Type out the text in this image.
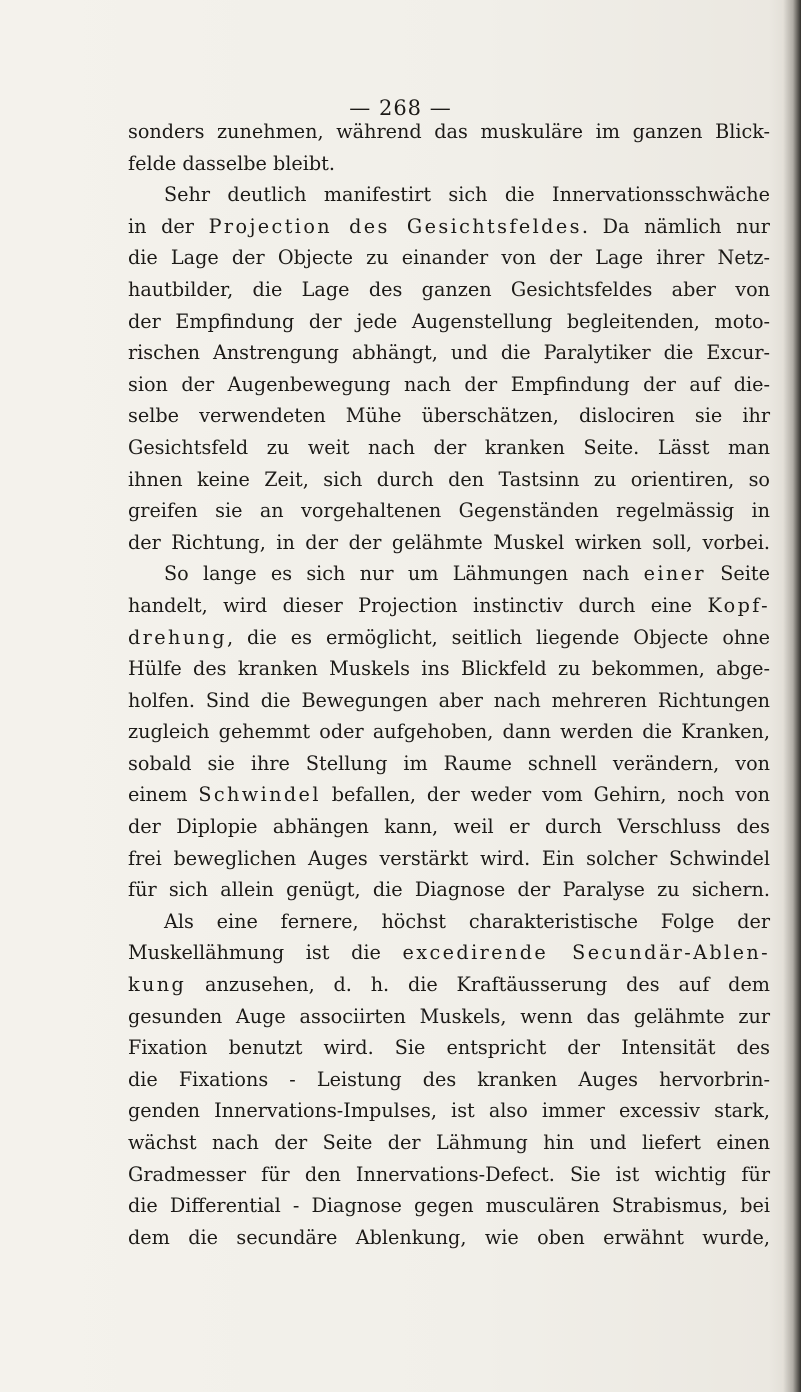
— 268 —
sonders zunehmen, während das muskuläre im ganzen Blick-
felde dasselbe bleibt.
Sehr deutlich manifestirt sich die Innervationsschwäche
in der Projection des Gesichtsfeldes. Da nämlich nur
die Lage der Objecte zu einander von der Lage ihrer Netz-
hautbilder, die Lage des ganzen Gesichtsfeldes aber von
der Empfindung der jede Augenstellung begleitenden, moto-
rischen Anstrengung abhängt, und die Paralytiker die Excur-
sion der Augenbewegung nach der Empfindung der auf die-
selbe verwendeten Mühe überschätzen, dislociren sie ihr
Gesichtsfeld zu weit nach der kranken Seite. Lässt man
ihnen keine Zeit, sich durch den Tastsinn zu orientiren, so
greifen sie an vorgehaltenen Gegenständen regelmässig in
der Richtung, in der der gelähmte Muskel wirken soll, vorbei.
So lange es sich nur um Lähmungen nach einer Seite
handelt, wird dieser Projection instinctiv durch eine Kopf-
drehung, die es ermöglicht, seitlich liegende Objecte ohne
Hülfe des kranken Muskels ins Blickfeld zu bekommen, abge-
holfen. Sind die Bewegungen aber nach mehreren Richtungen
zugleich gehemmt oder aufgehoben, dann werden die Kranken,
sobald sie ihre Stellung im Raume schnell verändern, von
einem Schwindel befallen, der weder vom Gehirn, noch von
der Diplopie abhängen kann, weil er durch Verschluss des
frei beweglichen Auges verstärkt wird. Ein solcher Schwindel
für sich allein genügt, die Diagnose der Paralyse zu sichern.
Als eine fernere, höchst charakteristische Folge der
Muskellähmung ist die excedirende Secundär-Ablen-
kung anzusehen, d. h. die Kraftäusserung des auf dem
gesunden Auge associirten Muskels, wenn das gelähmte zur
Fixation benutzt wird. Sie entspricht der Intensität des
die Fixations - Leistung des kranken Auges hervorbrin-
genden Innervations-Impulses, ist also immer excessiv stark,
wächst nach der Seite der Lähmung hin und liefert einen
Gradmesser für den Innervations-Defect. Sie ist wichtig für
die Differential - Diagnose gegen musculären Strabismus, bei
dem die secundäre Ablenkung, wie oben erwähnt wurde,
